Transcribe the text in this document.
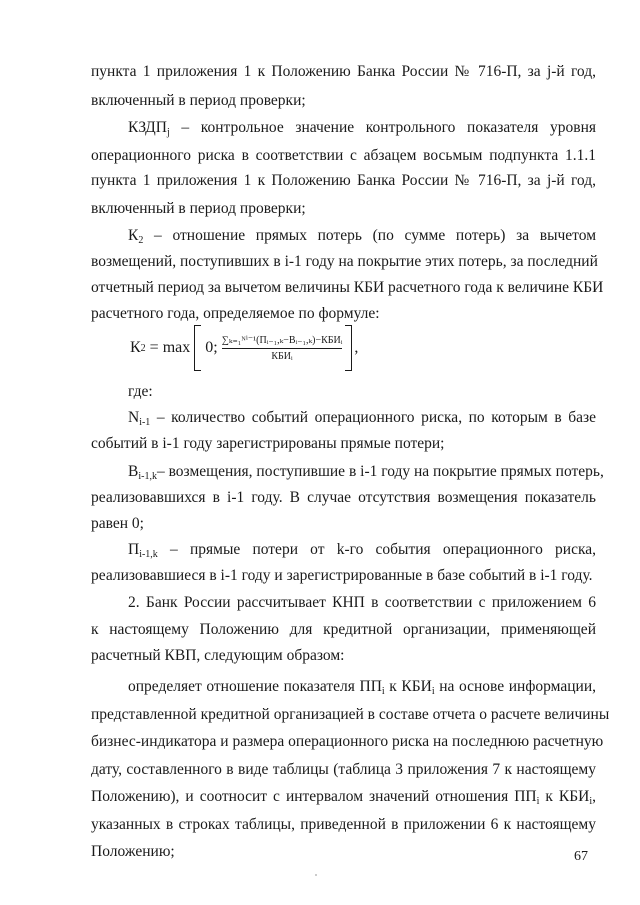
пункта 1 приложения 1 к Положению Банка России № 716-П, за j-й год,
включенный в период проверки;
$КЗДП_j$ – контрольное значение контрольного показателя уровня
операционного риска в соответствии с абзацем восьмым подпункта 1.1.1
пункта 1 приложения 1 к Положению Банка России № 716-П, за j-й год,
включенный в период проверки;
$К_2$ – отношение прямых потерь (по сумме потерь) за вычетом
возмещений, поступивших в i-1 году на покрытие этих потерь, за последний
отчетный период за вычетом величины КБИ расчетного года к величине КБИ
расчетного года, определяемое по формуле:
К 2 = max 0; $\frac{\text{∑ₖ₌₁ᴺⁱ⁻¹(Пᵢ₋₁,ₖ−Bᵢ₋₁,ₖ)−КБИᵢ}}{\text{КБИᵢ}}$ ,
где:
$N_{i-1}$ – количество событий операционного риска, по которым в базе
событий в i-1 году зарегистрированы прямые потери;
$B_{i-1,k}-$ возмещения, поступившие в i-1 году на покрытие прямых потерь,
реализовавшихся в i-1 году. В случае отсутствия возмещения показатель
равен 0;
$П_{i-1,k}$ – прямые потери от k-го события операционного риска,
реализовавшиеся в i-1 году и зарегистрированные в базе событий в i-1 году.
2. Банк России рассчитывает КНП в соответствии с приложением 6
к настоящему Положению для кредитной организации, применяющей
расчетный КВП, следующим образом:
определяет отношение показателя $ПП_i$ к $КБИ_i$ на основе информации,
представленной кредитной организацией в составе отчета о расчете величины
бизнес-индикатора и размера операционного риска на последнюю расчетную
дату, составленного в виде таблицы (таблица 3 приложения 7 к настоящему
Положению), и соотносит с интервалом значений отношения $ПП_i$ к $КБИ_i$,
указанных в строках таблицы, приведенной в приложении 6 к настоящему
Положению;	67
